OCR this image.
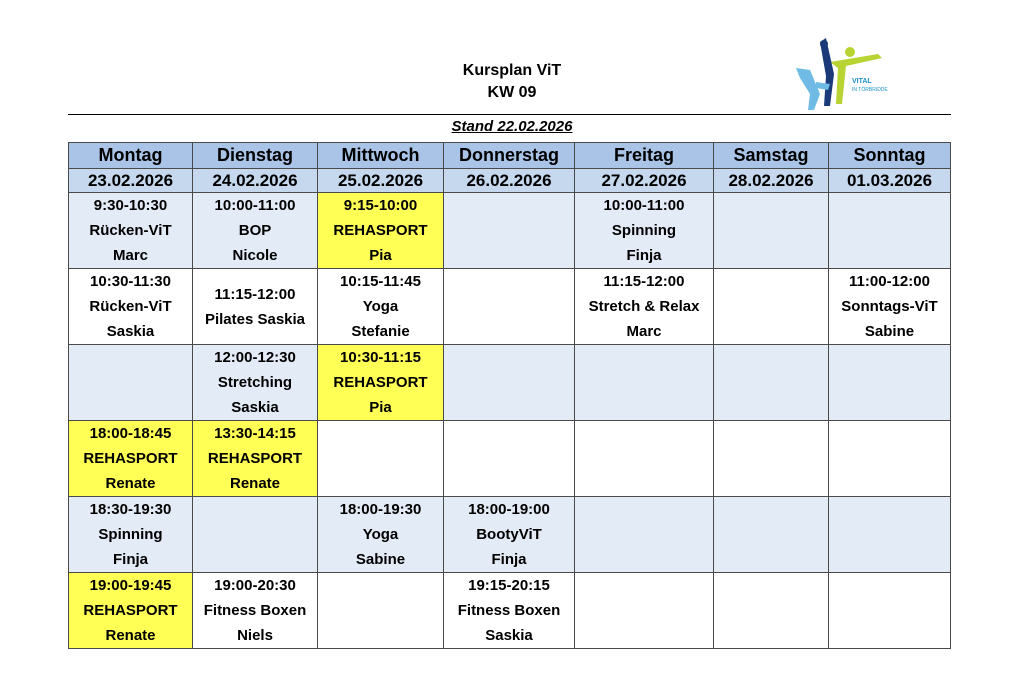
Kursplan ViT
KW 09
VITAL
IN TÖRBRIDDE
Stand 22.02.2026
Montag	Dienstag	Mittwoch	Donnerstag	Freitag	Samstag	Sonntag
23.02.2026	24.02.2026	25.02.2026	26.02.2026	27.02.2026	28.02.2026	01.03.2026

9:30-10:30
Rücken-ViT
Marc	10:00-11:00
BOP
Nicole	9:15-10:00
REHASPORT
Pia		10:00-11:00
Spinning
Finja		

10:30-11:30
Rücken-ViT
Saskia	11:15-12:00
Pilates Saskia	10:15-11:45
Yoga
Stefanie		11:15-12:00
Stretch & Relax
Marc		11:00-12:00
Sonntags-ViT
Sabine

	12:00-12:30
Stretching
Saskia	10:30-11:15
REHASPORT
Pia				

18:00-18:45
REHASPORT
Renate	13:30-14:15
REHASPORT
Renate					

18:30-19:30
Spinning
Finja		18:00-19:30
Yoga
Sabine	18:00-19:00
BootyViT
Finja			

19:00-19:45
REHASPORT
Renate	19:00-20:30
Fitness Boxen
Niels		19:15-20:15
Fitness Boxen
Saskia			
